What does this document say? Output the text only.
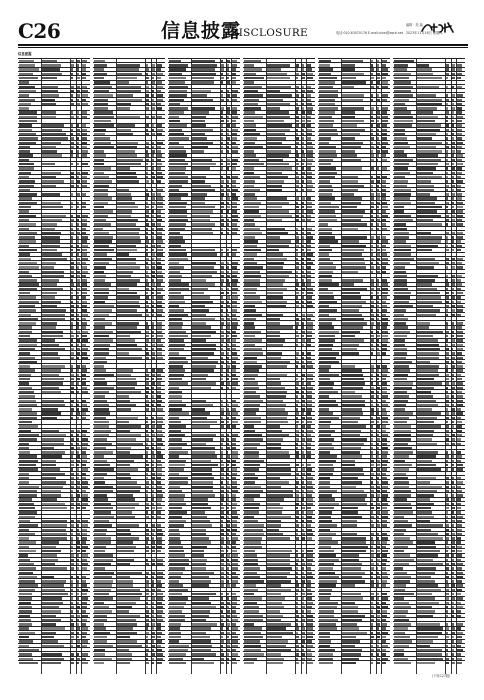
C26	信息披露
DISCLOSURE	电话:010-63070176 E-mail:xinxi@zqrb.net
编辑 · 美 编
2023年11月16日 星期四
信息披露
(下转C27版)
